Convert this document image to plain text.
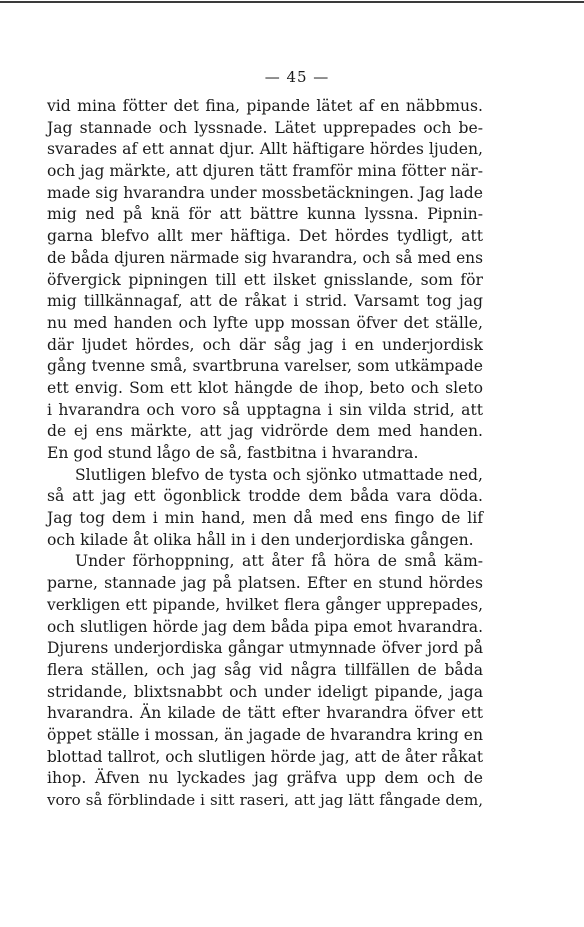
— 45 —
vid mina fötter det fina, pipande lätet af en näbbmus.
Jag stannade och lyssnade. Lätet upprepades och be-
svarades af ett annat djur. Allt häftigare hördes ljuden,
och jag märkte, att djuren tätt framför mina fötter när-
made sig hvarandra under mossbetäckningen. Jag lade
mig ned på knä för att bättre kunna lyssna. Pipnin-
garna blefvo allt mer häftiga. Det hördes tydligt, att
de båda djuren närmade sig hvarandra, och så med ens
öfvergick pipningen till ett ilsket gnisslande, som för
mig tillkännagaf, att de råkat i strid. Varsamt tog jag
nu med handen och lyfte upp mossan öfver det ställe,
där ljudet hördes, och där såg jag i en underjordisk
gång tvenne små, svartbruna varelser, som utkämpade
ett envig. Som ett klot hängde de ihop, beto och sleto
i hvarandra och voro så upptagna i sin vilda strid, att
de ej ens märkte, att jag vidrörde dem med handen.
En god stund lågo de så, fastbitna i hvarandra.
Slutligen blefvo de tysta och sjönko utmattade ned,
så att jag ett ögonblick trodde dem båda vara döda.
Jag tog dem i min hand, men då med ens fingo de lif
och kilade åt olika håll in i den underjordiska gången.
Under förhoppning, att åter få höra de små käm-
parne, stannade jag på platsen. Efter en stund hördes
verkligen ett pipande, hvilket flera gånger upprepades,
och slutligen hörde jag dem båda pipa emot hvarandra.
Djurens underjordiska gångar utmynnade öfver jord på
flera ställen, och jag såg vid några tillfällen de båda
stridande, blixtsnabbt och under ideligt pipande, jaga
hvarandra. Än kilade de tätt efter hvarandra öfver ett
öppet ställe i mossan, än jagade de hvarandra kring en
blottad tallrot, och slutligen hörde jag, att de åter råkat
ihop. Äfven nu lyckades jag gräfva upp dem och de
voro så förblindade i sitt raseri, att jag lätt fångade dem,
